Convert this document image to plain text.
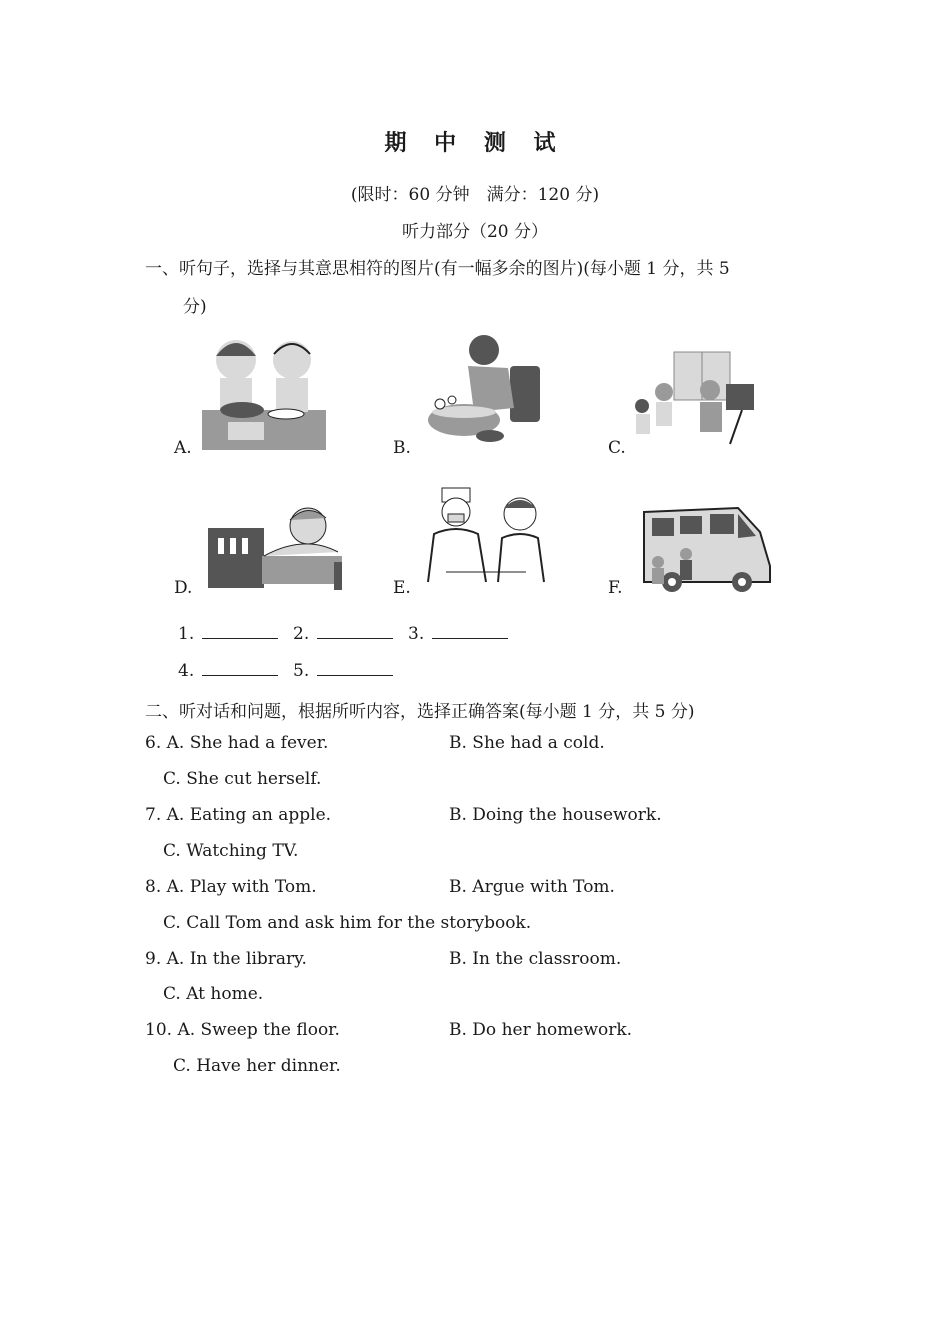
期 中 测 试
(限时：60 分钟　满分：120 分)
听力部分（20 分）
一、听句子，选择与其意思相符的图片(有一幅多余的图片)(每小题 1 分，共 5
分)
A.	B.	C.
D.	E.	F.
1.	2.	3.
4.	5.
二、听对话和问题，根据所听内容，选择正确答案(每小题 1 分，共 5 分)
6. A. She had a fever.	B. She had a cold.
C. She cut herself.
7. A. Eating an apple.	B. Doing the housework.
C. Watching TV.
8. A. Play with Tom.	B. Argue with Tom.
C. Call Tom and ask him for the storybook.
9. A. In the library.	B. In the classroom.
C. At home.
10. A. Sweep the floor.	B. Do her homework.
C. Have her dinner.
